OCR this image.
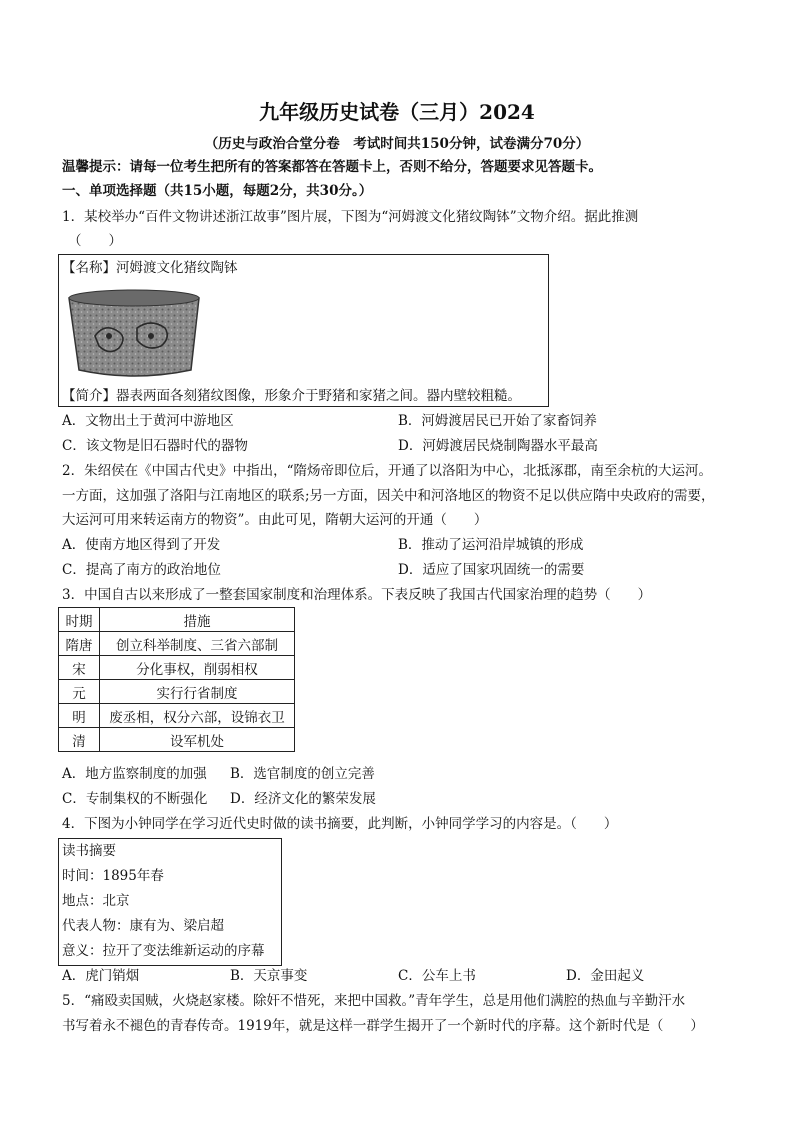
九年级历史试卷（三月）2024
（历史与政治合堂分卷　考试时间共150分钟，试卷满分70分）
温馨提示：请每一位考生把所有的答案都答在答题卡上，否则不给分，答题要求见答题卡。
一、单项选择题（共15小题，每题2分，共30分。）
1．某校举办“百件文物讲述浙江故事”图片展，下图为“河姆渡文化猪纹陶钵”文物介绍。据此推测
（　　）
【名称】河姆渡文化猪纹陶钵
【简介】器表两面各刻猪纹图像，形象介于野猪和家猪之间。器内壁较粗糙。
A．文物出土于黄河中游地区	B．河姆渡居民已开始了家畜饲养
C．该文物是旧石器时代的器物	D．河姆渡居民烧制陶器水平最高
2．朱绍侯在《中国古代史》中指出，“隋炀帝即位后，开通了以洛阳为中心，北抵涿郡，南至余杭的大运河。
一方面，这加强了洛阳与江南地区的联系;另一方面，因关中和河洛地区的物资不足以供应隋中央政府的需要，
大运河可用来转运南方的物资”。由此可见，隋朝大运河的开通（　　）
A．使南方地区得到了开发	B．推动了运河沿岸城镇的形成
C．提高了南方的政治地位	D．适应了国家巩固统一的需要
3．中国自古以来形成了一整套国家制度和治理体系。下表反映了我国古代国家治理的趋势（　　）
时期	措施
隋唐	创立科举制度、三省六部制
宋	分化事权，削弱相权
元	实行行省制度
明	废丞相，权分六部，设锦衣卫
清	设军机处
A．地方监察制度的加强 B．选官制度的创立完善
C．专制集权的不断强化 D．经济文化的繁荣发展
4．下图为小钟同学在学习近代史时做的读书摘要，此判断，小钟同学学习的内容是。（　　）
读书摘要
时间：1895年春
地点：北京
代表人物：康有为、梁启超
意义：拉开了变法维新运动的序幕
A．虎门销烟	B．天京事变	C．公车上书	D．金田起义
5．“痛殴卖国贼，火烧赵家楼。除奸不惜死，来把中国救。”青年学生，总是用他们满腔的热血与辛勤汗水
书写着永不褪色的青春传奇。1919年，就是这样一群学生揭开了一个新时代的序幕。这个新时代是（　　）
